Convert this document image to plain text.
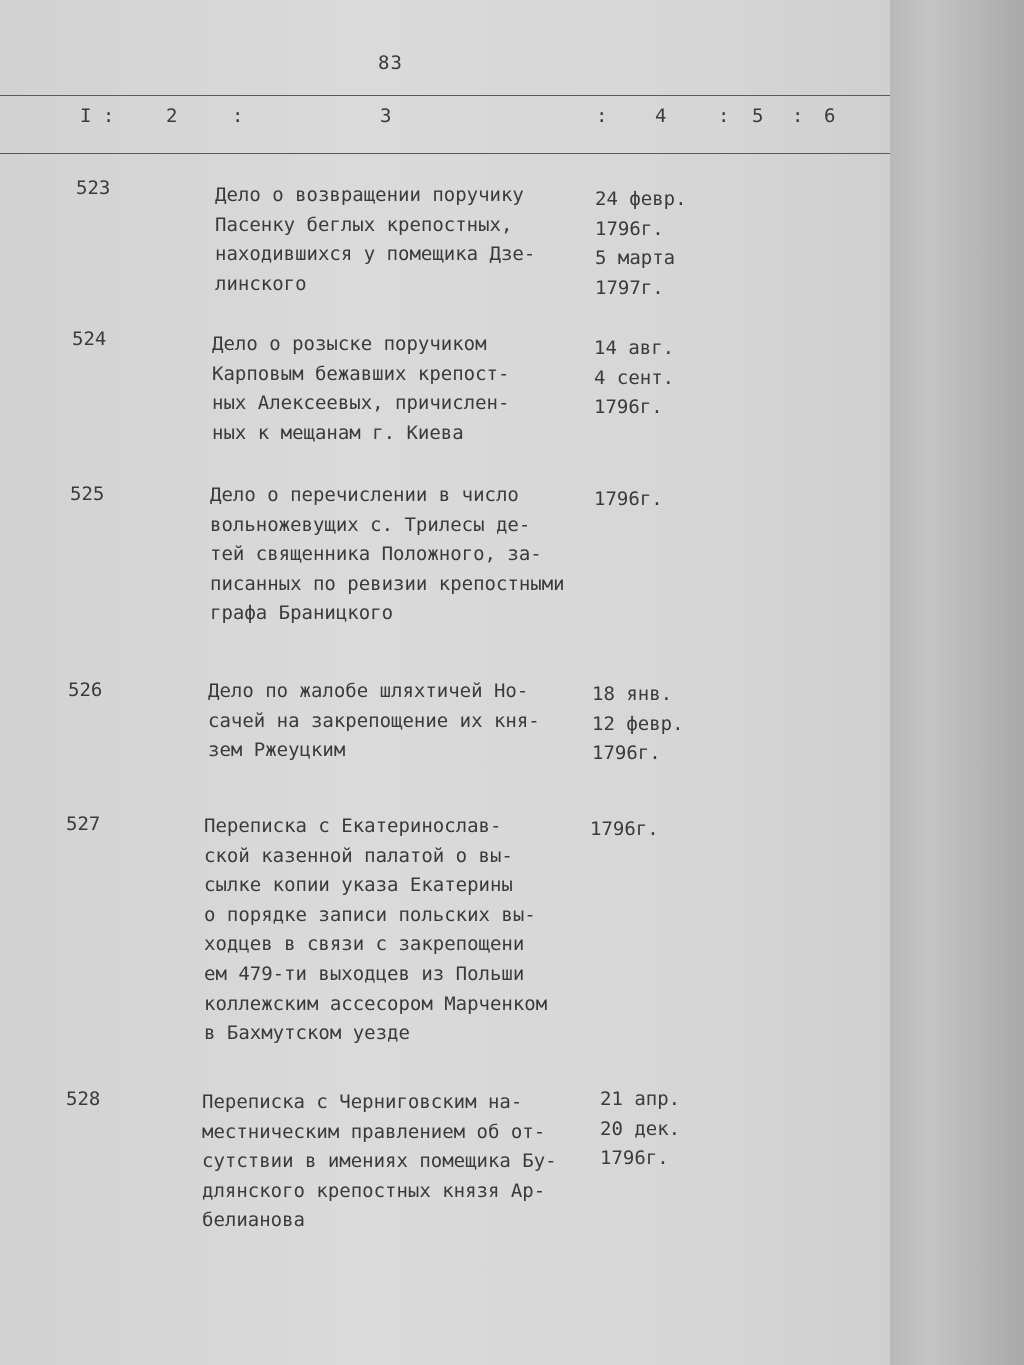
83
I :	2	:	3	:	4	: 5 : 6
523	Дело о возвращении поручику
Пасенку беглых крепостных,
находившихся у помещика Дзе-
линского
24 февр.
1796г.
5 марта
1797г.
524	Дело о розыске поручиком
Карповым бежавших крепост-
ных Алексеевых, причислен-
ных к мещанам г. Киева
14 авг.
4 сент.
1796г.
525	Дело о перечислении в число
вольножевущих с. Трилесы де-
тей священника Положного, за-
писанных по ревизии крепостными
графа Браницкого
1796г.
526	Дело по жалобе шляхтичей Но-
сачей на закрепощение их кня-
зем Ржеуцким
18 янв.
12 февр.
1796г.
527	Переписка с Екатеринослав-
ской казенной палатой о вы-
сылке копии указа Екатерины
о порядке записи польских вы-
ходцев в связи с закрепощени
ем 479-ти выходцев из Польши
коллежским ассесором Марченком
в Бахмутском уезде
1796г.
528	Переписка с Черниговским на-
местническим правлением об от-
сутствии в имениях помещика Бу-
длянского крепостных князя Ар-
белианова
21 апр.
20 дек.
1796г.
